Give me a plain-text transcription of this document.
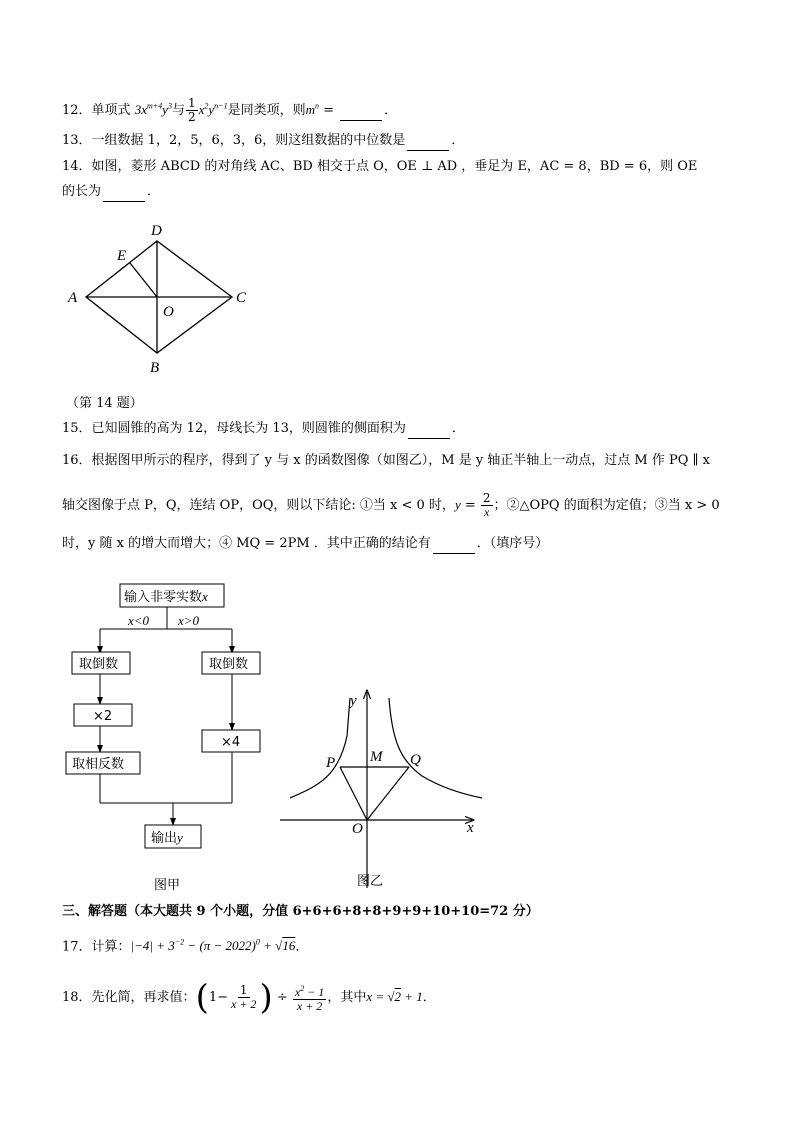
12．单项式 $3x^{m+4}y^3$与 $\frac{1}{2} x^2y^{n-1}$是同类项，则$m^n$ =	．
13．一组数据 1，2，5，6，3，6，则这组数据的中位数是	．
14．如图，菱形 ABCD 的对角线 AC、BD 相交于点 O，OE ⊥ AD ，垂足为 E，AC = 8，BD = 6，则 OE
的长为	．
A
D
E
C
O
B
（第 14 题）
15．已知圆锥的高为 12，母线长为 13，则圆锥的侧面积为	．
16．根据图甲所示的程序，得到了 y 与 x 的函数图像（如图乙），M 是 y 轴正半轴上一动点，过点 M 作 PQ ∥ x
轴交图像于点 P，Q，连结 OP，OQ，则以下结论: ①当 x < 0 时，$y = \frac{2}{x}$ ；②△OPQ 的面积为定值；③当 x > 0
时，y 随 x 的增大而增大；④ MQ = 2PM ．其中正确的结论有	．（填序号）
输入非零实数x
x<0 x>0
取倒数	取倒数
×2
×4
取相反数
输出y
图甲
y
x
P M Q
O
图乙
三、解答题（本大题共 9 个小题，分值 6+6+6+8+8+9+9+10+10=72 分）
17．计算：$|-4| + 3^{-2} - (\pi - 2022)^0 + √16$．
18．先化简，再求值：($1- \frac{1}{x + 2}$ ) ÷ $\frac{x^2 - 1}{x + 2}$ ，其中x = √2 + 1．
